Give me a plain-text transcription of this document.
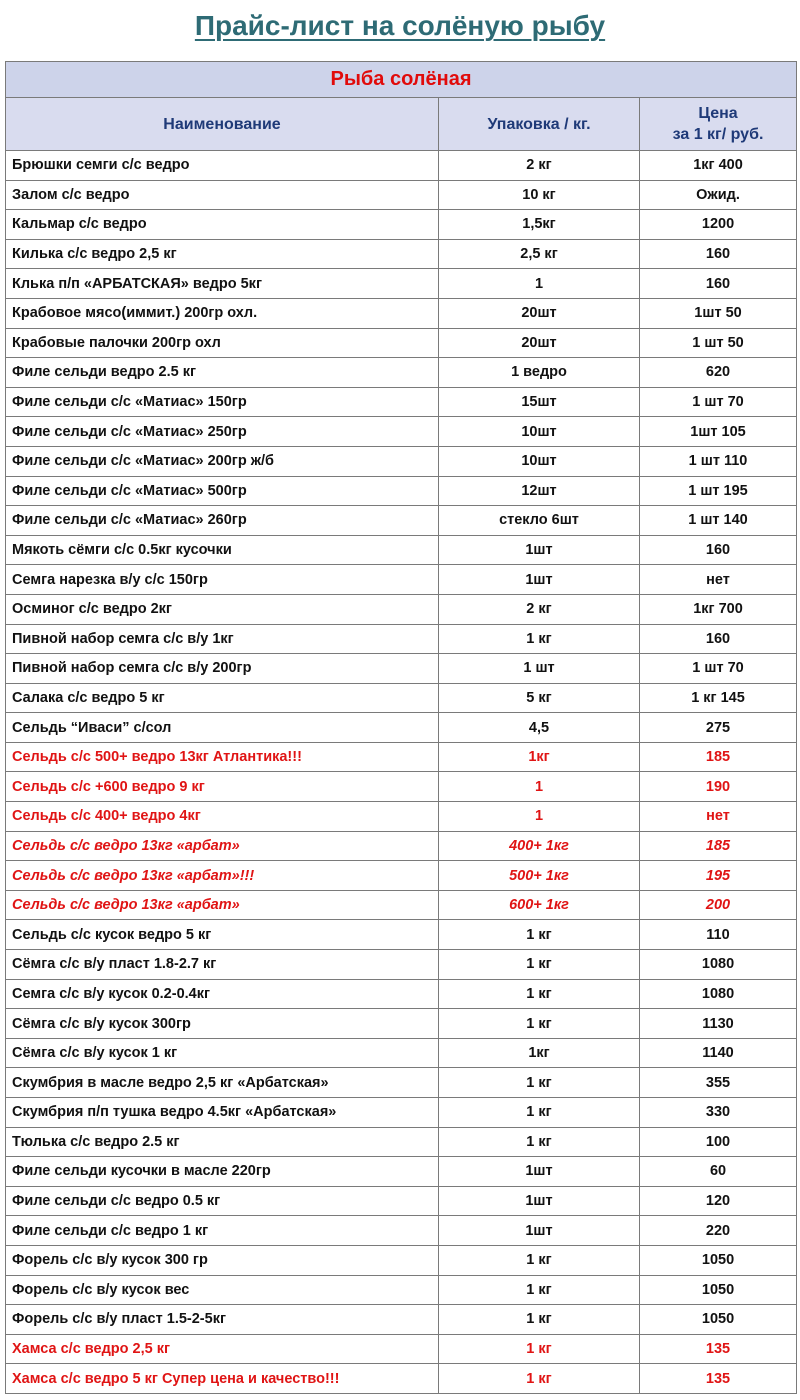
Прайс-лист на солёную рыбу
Рыба солёная		
Наименование	Упаковка / кг.	Цена
за 1 кг/ руб.
Брюшки семги с/с ведро	2 кг	1кг 400
Залом с/с ведро	10 кг	Ожид.
Кальмар с/с ведро	1,5кг	1200
Килька с/с ведро 2,5 кг	2,5 кг	160
Клька п/п «АРБАТСКАЯ» ведро 5кг	1	160
Крабовое мясо(иммит.) 200гр охл.	20шт	1шт 50
Крабовые палочки 200гр охл	20шт	1 шт 50
Филе сельди ведро 2.5 кг	1 ведро	620
Филе сельди с/с «Матиас» 150гр	15шт	1 шт 70
Филе сельди с/с «Матиас» 250гр	10шт	1шт 105
Филе сельди с/с «Матиас» 200гр ж/б	10шт	1 шт 110
Филе сельди с/с «Матиас» 500гр	12шт	1 шт 195
Филе сельди с/с «Матиас» 260гр	стекло 6шт	1 шт 140
Мякоть сёмги с/с 0.5кг кусочки	1шт	160
Семга нарезка в/у с/с 150гр	1шт	нет
Осминог с/с ведро 2кг	2 кг	1кг 700
Пивной набор семга с/с в/у 1кг	1 кг	160
Пивной набор семга с/с в/у 200гр	1 шт	1 шт 70
Салака с/с ведро 5 кг	5 кг	1 кг 145
Сельдь “Иваси” с/сол	4,5	275
Сельдь с/с 500+ ведро 13кг Атлантика!!!	1кг	185
Сельдь с/с +600 ведро 9 кг	1	190
Сельдь с/с 400+ ведро 4кг	1	нет
Сельдь с/с ведро 13кг «арбат»	400+ 1кг	185
Сельдь с/с ведро 13кг «арбат»!!!	500+ 1кг	195
Сельдь с/с ведро 13кг «арбат»	600+ 1кг	200
Сельдь с/с кусок ведро 5 кг	1 кг	110
Сёмга с/с в/у пласт 1.8-2.7 кг	1 кг	1080
Семга с/с в/у кусок 0.2-0.4кг	1 кг	1080
Сёмга с/с в/у кусок 300гр	1 кг	1130
Сёмга с/с в/у кусок 1 кг	1кг	1140
Скумбрия в масле ведро 2,5 кг «Арбатская»	1 кг	355
Скумбрия п/п тушка ведро 4.5кг «Арбатская»	1 кг	330
Тюлька с/с ведро 2.5 кг	1 кг	100
Филе сельди кусочки в масле 220гр	1шт	60
Филе сельди с/с ведро 0.5 кг	1шт	120
Филе сельди с/с ведро 1 кг	1шт	220
Форель с/с в/у кусок 300 гр	1 кг	1050
Форель с/с в/у кусок вес	1 кг	1050
Форель с/с в/у пласт 1.5-2-5кг	1 кг	1050
Хамса с/с ведро 2,5 кг	1 кг	135
Хамса с/с ведро 5 кг Супер цена и качество!!!	1 кг	135
